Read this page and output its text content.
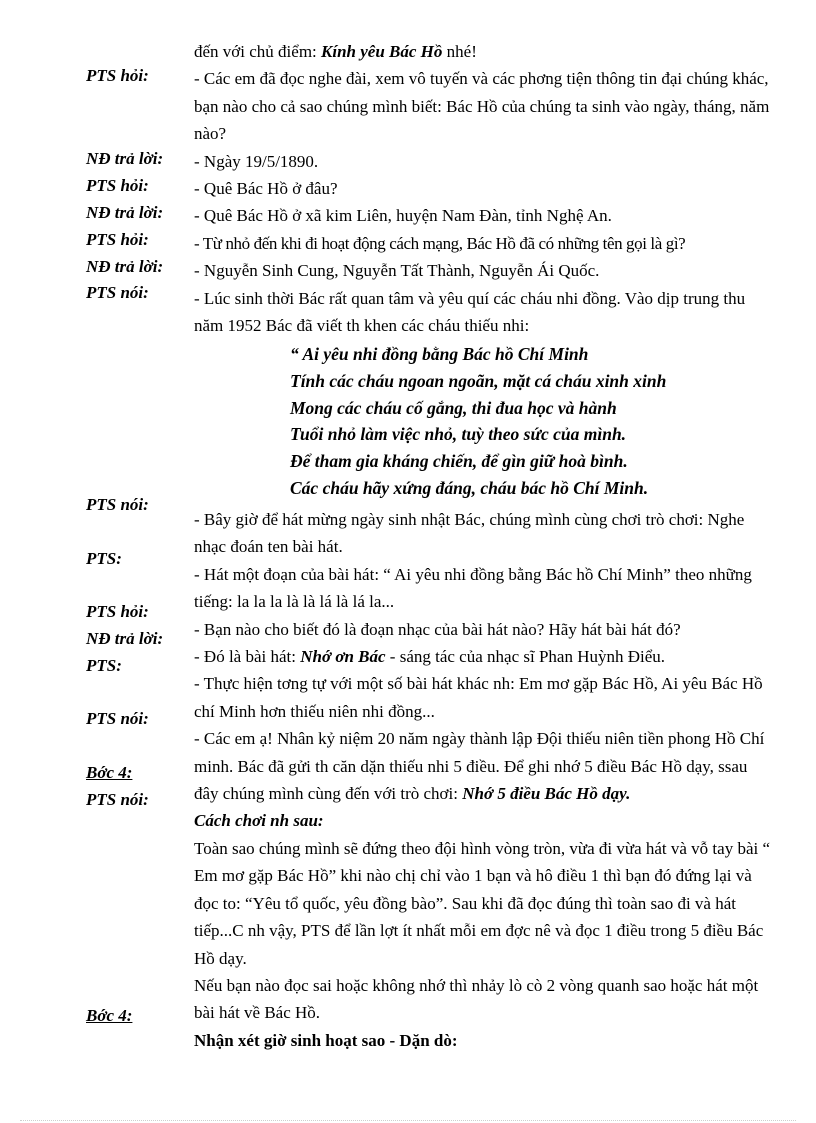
PTS hỏi:
NĐ trả lời:
PTS hỏi:
NĐ trả lời:
PTS hỏi:
NĐ trả lời:
PTS nói:
PTS nói:
PTS:
PTS hỏi:
NĐ trả lời:
PTS:
PTS nói:
Bớc 4:
PTS nói:
Bớc 4:

đến với chủ điểm: Kính yêu Bác Hồ nhé!

- Các em đã đọc nghe đài, xem vô tuyến và các phơng tiện thông tin đại chúng khác, bạn nào cho cả sao chúng mình biết: Bác Hồ của chúng ta sinh vào ngày, tháng, năm nào?

- Ngày 19/5/1890.

- Quê Bác Hồ ở đâu?

- Quê Bác Hồ ở xã kim Liên, huyện Nam Đàn, tỉnh Nghệ An.

- Từ nhỏ đến khi đi hoạt động cách mạng, Bác Hồ đã có những tên gọi là gì?

- Nguyễn Sinh Cung, Nguyễn Tất Thành, Nguyễn Ái Quốc.

- Lúc sinh thời Bác rất quan tâm và yêu quí các cháu nhi đồng. Vào dịp trung thu năm 1952 Bác đã viết th khen các cháu thiếu nhi:

“ Ai yêu nhi đồng bằng Bác hồ Chí Minh
Tính các cháu ngoan ngoãn, mặt cá cháu xinh xinh
Mong các cháu cố gắng, thi đua học và hành
Tuổi nhỏ làm việc nhỏ, tuỳ theo sức của mình.
Để tham gia kháng chiến, để gìn giữ hoà bình.
Các cháu hãy xứng đáng, cháu bác hồ Chí Minh.

- Bây giờ để hát mừng ngày sinh nhật Bác, chúng mình cùng chơi trò chơi: Nghe nhạc đoán ten bài hát.

- Hát một đoạn của bài hát: “ Ai yêu nhi đồng bằng Bác hồ Chí Minh” theo những tiếng: la la la là là lá là lá la...

- Bạn nào cho biết đó là đoạn nhạc của bài hát nào? Hãy hát bài hát đó?

- Đó là bài hát: Nhớ ơn Bác - sáng tác của nhạc sĩ Phan Huỳnh Điểu.

- Thực hiện tơng tự với một số bài hát khác nh: Em mơ gặp Bác Hồ, Ai yêu Bác Hồ chí Minh hơn thiếu niên nhi đồng...

- Các em ạ! Nhân kỷ niệm 20 năm ngày thành lập Đội thiếu niên tiền phong Hồ Chí minh. Bác đã gửi th căn dặn thiếu nhi 5 điều. Để ghi nhớ 5 điều Bác Hồ dạy, ssau đây chúng mình cùng đến với trò chơi: Nhớ 5 điều Bác Hồ dạy.

Cách chơi nh sau:

Toàn sao chúng mình sẽ đứng theo đội hình vòng tròn, vừa đi vừa hát và vỗ tay bài “ Em mơ gặp Bác Hồ” khi nào chị chỉ vào 1 bạn và hô điều 1 thì bạn đó đứng lại và đọc to: “Yêu tổ quốc, yêu đồng bào”. Sau khi đã đọc đúng thì toàn sao đi và hát tiếp...C nh vậy, PTS để lần lợt ít nhất mỗi em đợc nê và đọc 1 điều trong 5 điều Bác Hồ dạy.

Nếu bạn nào đọc sai hoặc không nhớ thì nhảy lò cò 2 vòng quanh sao hoặc hát một bài hát về Bác Hồ.

Nhận xét giờ sinh hoạt sao - Dặn dò:
